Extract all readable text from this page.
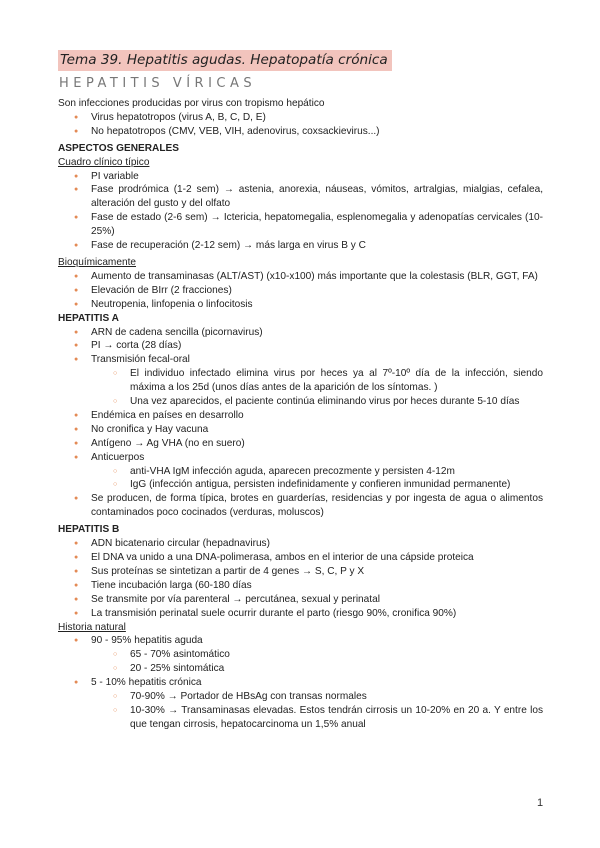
Tema 39. Hepatitis agudas. Hepatopatía crónica
HEPATITIS VÍRICAS

Son infecciones producidas por virus con tropismo hepático

● Virus hepatotropos (virus A, B, C, D, E)
● No hepatotropos (CMV, VEB, VIH, adenovirus, coxsackievirus...)

ASPECTOS GENERALES

Cuadro clínico típico

● PI variable
● Fase prodrómica (1-2 sem) → astenia, anorexia, náuseas, vómitos, artralgias, mialgias, cefalea, alteración del gusto y del olfato
● Fase de estado (2-6 sem) → Ictericia, hepatomegalia, esplenomegalia y adenopatías cervicales (10-25%)
● Fase de recuperación (2-12 sem) → más larga en virus B y C

Bioquímicamente

● Aumento de transaminasas (ALT/AST) (x10-x100) más importante que la colestasis (BLR, GGT, FA)
● Elevación de BIrr (2 fracciones)
● Neutropenia, linfopenia o linfocitosis

HEPATITIS A

● ARN de cadena sencilla (picornavirus)
● PI → corta (28 días)
● Transmisión fecal-oral
○ El individuo infectado elimina virus por heces ya al 7º-10º día de la infección, siendo máxima a los 25d (unos días antes de la aparición de los síntomas. )
○ Una vez aparecidos, el paciente continúa eliminando virus por heces durante 5-10 días
● Endémica en países en desarrollo
● No cronifica y Hay vacuna
● Antígeno → Ag VHA (no en suero)
● Anticuerpos
○ anti-VHA IgM infección aguda, aparecen precozmente y persisten 4-12m
○ IgG (infección antigua, persisten indefinidamente y confieren inmunidad permanente)
● Se producen, de forma típica, brotes en guarderías, residencias y por ingesta de agua o alimentos contaminados poco cocinados (verduras, moluscos)

HEPATITIS B

● ADN bicatenario circular (hepadnavirus)
● El DNA va unido a una DNA-polimerasa, ambos en el interior de una cápside proteica
● Sus proteínas se sintetizan a partir de 4 genes → S, C, P y X
● Tiene incubación larga (60-180 días
● Se transmite por vía parenteral → percutánea, sexual y perinatal
● La transmisión perinatal suele ocurrir durante el parto (riesgo 90%, cronifica 90%)

Historia natural

● 90 - 95% hepatitis aguda
○ 65 - 70% asintomático
○ 20 - 25% sintomática
● 5 - 10% hepatitis crónica
○ 70-90% → Portador de HBsAg con transas normales
○ 10-30% → Transaminasas elevadas. Estos tendrán cirrosis un 10-20% en 20 a. Y entre los que tengan cirrosis, hepatocarcinoma un 1,5% anual
1
